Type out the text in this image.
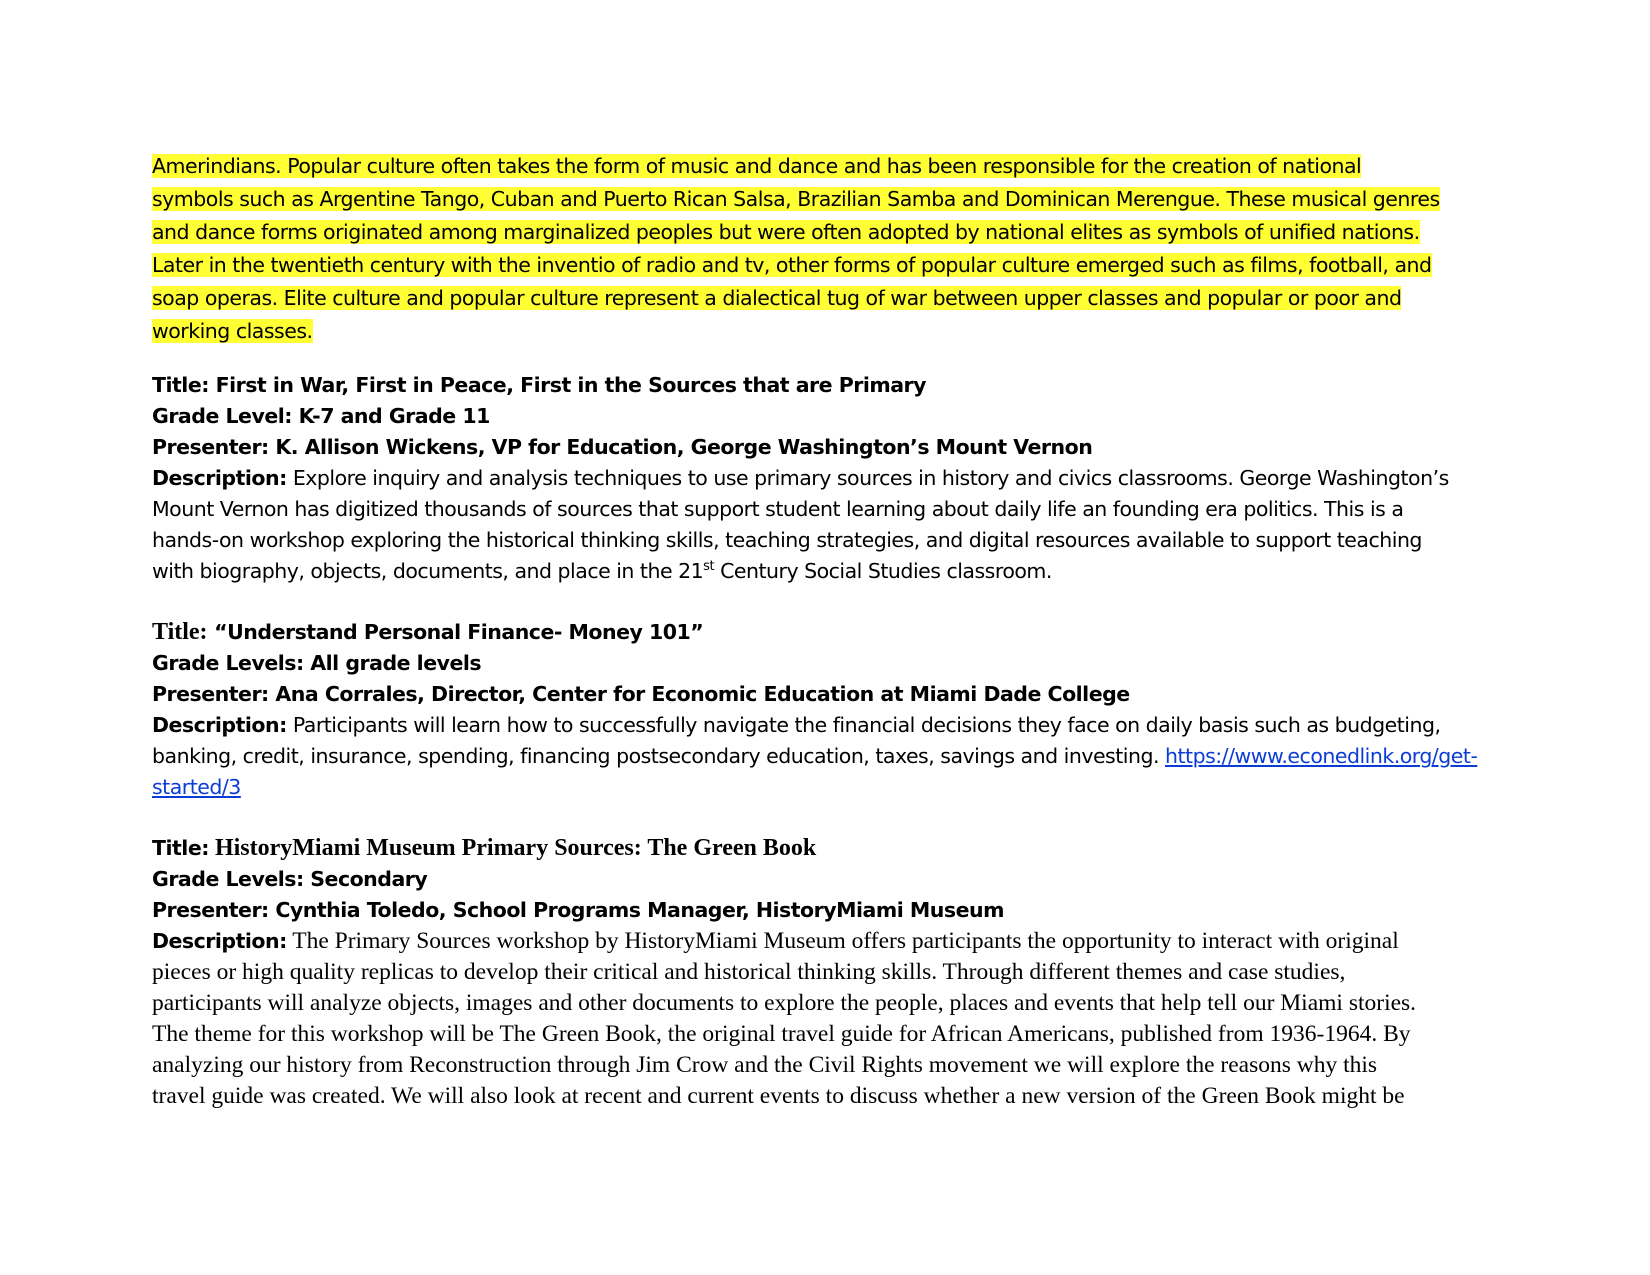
Amerindians. Popular culture often takes the form of music and dance and has been responsible for the creation of national
symbols such as Argentine Tango, Cuban and Puerto Rican Salsa, Brazilian Samba and Dominican Merengue. These musical genres
and dance forms originated among marginalized peoples but were often adopted by national elites as symbols of unified nations.
Later in the twentieth century with the inventio of radio and tv, other forms of popular culture emerged such as films, football, and
soap operas. Elite culture and popular culture represent a dialectical tug of war between upper classes and popular or poor and
working classes.
Title: First in War, First in Peace, First in the Sources that are Primary
Grade Level: K-7 and Grade 11
Presenter: K. Allison Wickens, VP for Education, George Washington’s Mount Vernon
Description: Explore inquiry and analysis techniques to use primary sources in history and civics classrooms. George Washington’s
Mount Vernon has digitized thousands of sources that support student learning about daily life an founding era politics. This is a
hands-on workshop exploring the historical thinking skills, teaching strategies, and digital resources available to support teaching
with biography, objects, documents, and place in the 21st Century Social Studies classroom.
Title: “Understand Personal Finance- Money 101”
Grade Levels: All grade levels
Presenter: Ana Corrales, Director, Center for Economic Education at Miami Dade College
Description: Participants will learn how to successfully navigate the financial decisions they face on daily basis such as budgeting,
banking, credit, insurance, spending, financing postsecondary education, taxes, savings and investing. https://www.econedlink.org/get-
started/3
Title: HistoryMiami Museum Primary Sources: The Green Book
Grade Levels: Secondary
Presenter: Cynthia Toledo, School Programs Manager, HistoryMiami Museum
Description: The Primary Sources workshop by HistoryMiami Museum offers participants the opportunity to interact with original
pieces or high quality replicas to develop their critical and historical thinking skills. Through different themes and case studies,
participants will analyze objects, images and other documents to explore the people, places and events that help tell our Miami stories.
The theme for this workshop will be The Green Book, the original travel guide for African Americans, published from 1936-1964. By
analyzing our history from Reconstruction through Jim Crow and the Civil Rights movement we will explore the reasons why this
travel guide was created. We will also look at recent and current events to discuss whether a new version of the Green Book might be
